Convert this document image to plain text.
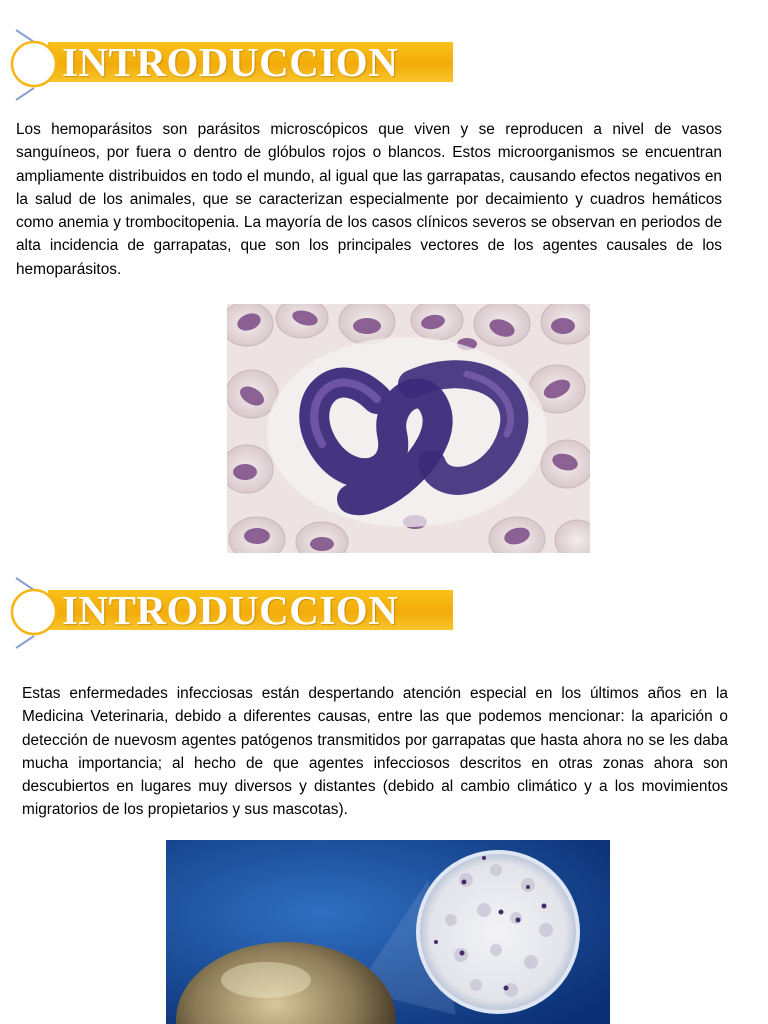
INTRODUCCION
Los hemoparásitos son parásitos microscópicos que viven y se reproducen a nivel de vasos sanguíneos, por fuera o dentro de glóbulos rojos o blancos. Estos microorganismos se encuentran ampliamente distribuidos en todo el mundo, al igual que las garrapatas, causando efectos negativos en la salud de los animales, que se caracterizan especialmente por decaimiento y cuadros hemáticos como anemia y trombocitopenia. La mayoría de los casos clínicos severos se observan en periodos de alta incidencia de garrapatas, que son los principales vectores de los agentes causales de los hemoparásitos.
INTRODUCCION
Estas enfermedades infecciosas están despertando atención especial en los últimos años en la Medicina Veterinaria, debido a diferentes causas, entre las que podemos mencionar: la aparición o detección de nuevosm agentes patógenos transmitidos por garrapatas que hasta ahora no se les daba mucha importancia; al hecho de que agentes infecciosos descritos en otras zonas ahora son descubiertos en lugares muy diversos y distantes (debido al cambio climático y a los movimientos migratorios de los propietarios y sus mascotas).
